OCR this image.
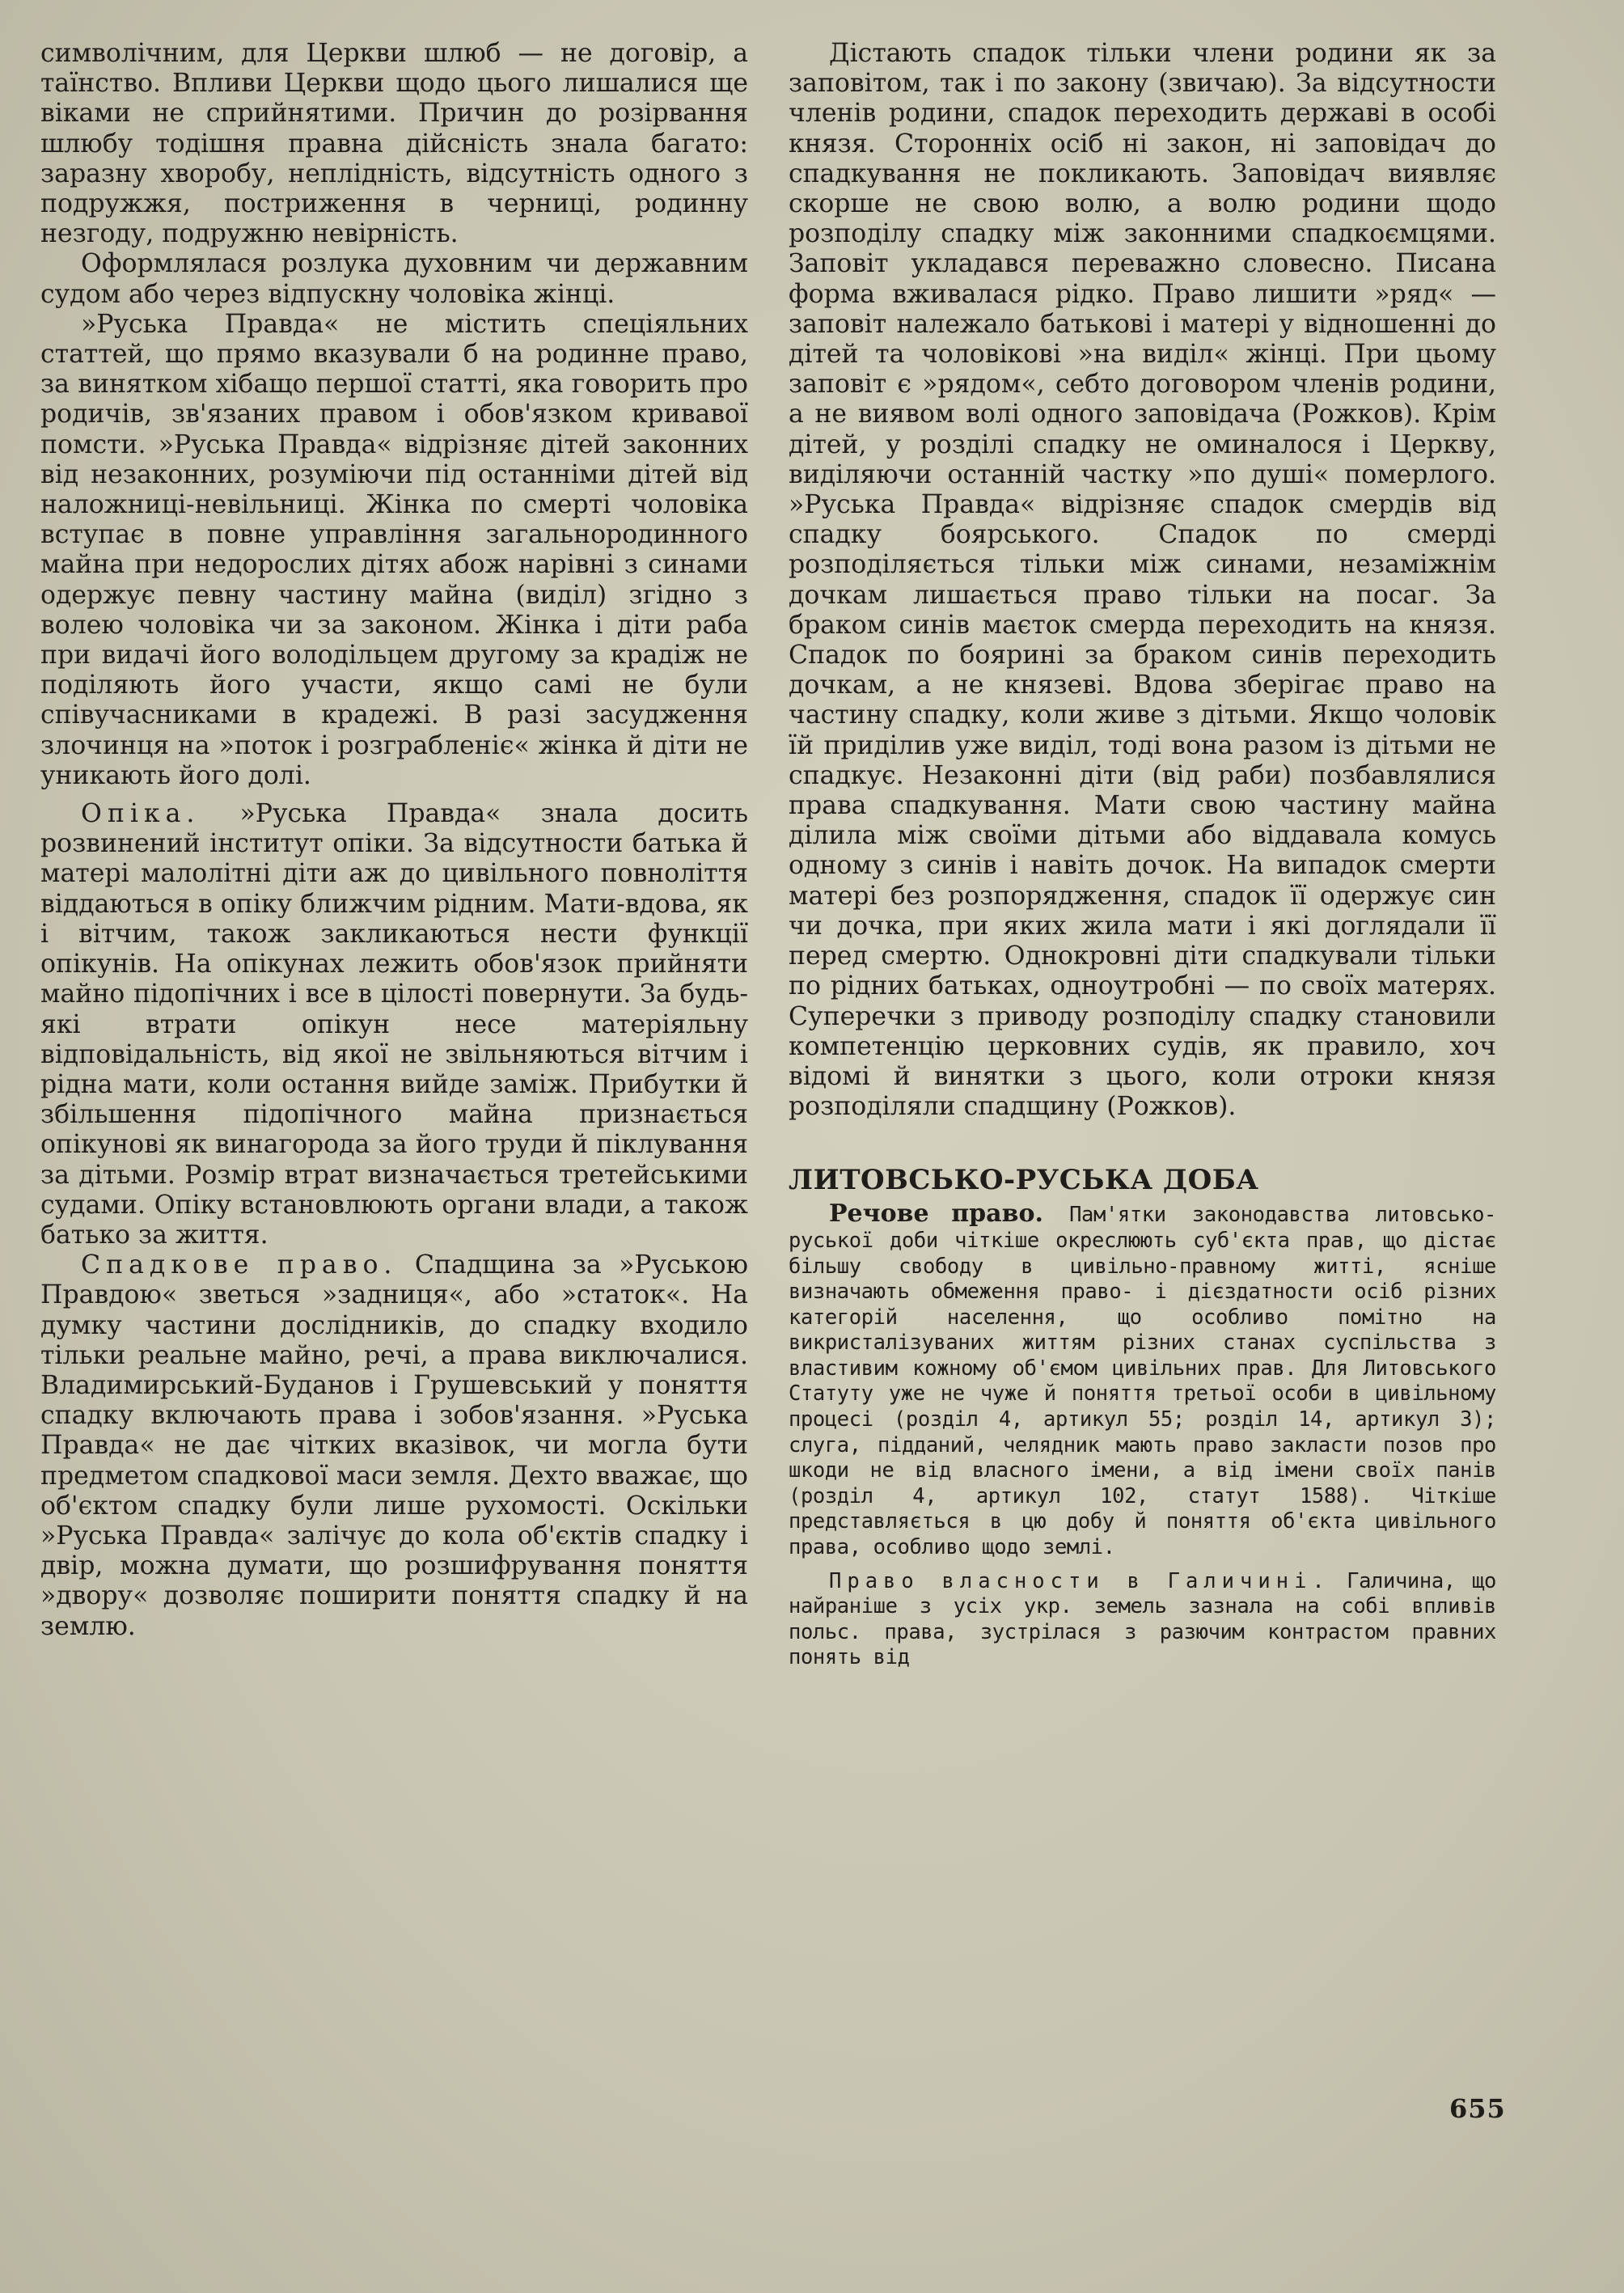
символічним, для Церкви шлюб — не договір, а таїнство. Впливи Церкви щодо цього лишалися ще віками не сприйнятими. Причин до розірвання шлюбу тодішня правна дійсність знала багато: заразну хворобу, неплідність, відсутність одного з подружжя, постриження в черниці, родинну незгоду, подружню невірність.

Оформлялася розлука духовним чи державним судом або через відпускну чоловіка жінці.

»Руська Правда« не містить спеціяльних статтей, що прямо вказували б на родинне право, за винятком хібащо першої статті, яка говорить про родичів, зв'язаних правом і обов'язком кривавої помсти. »Руська Правда« відрізняє дітей законних від незаконних, розуміючи під останніми дітей від наложниці-невільниці. Жінка по смерті чоловіка вступає в повне управління загальнородинного майна при недорослих дітях абож нарівні з синами одержує певну частину майна (виділ) згідно з волею чоловіка чи за законом. Жінка і діти раба при видачі його володільцем другому за крадіж не поділяють його участи, якщо самі не були співучасниками в крадежі. В разі засудження злочинця на »поток і розграбленіє« жінка й діти не уникають його долі.

Опіка. »Руська Правда« знала досить розвинений інститут опіки. За відсутности батька й матері малолітні діти аж до цивільного повноліття віддаються в опіку ближчим рідним. Мати-вдова, як і вітчим, також закликаються нести функції опікунів. На опікунах лежить обов'язок прийняти майно підопічних і все в цілості повернути. За будь-які втрати опікун несе матеріяльну відповідальність, від якої не звільняються вітчим і рідна мати, коли остання вийде заміж. Прибутки й збільшення підопічного майна признається опікунові як винагорода за його труди й піклування за дітьми. Розмір втрат визначається третейськими судами. Опіку встановлюють органи влади, а також батько за життя.

Спадкове право. Спадщина за »Руською Правдою« зветься »задниця«, або »статок«. На думку частини дослідників, до спадку входило тільки реальне майно, речі, а права виключалися. Владимирський-Буданов і Грушевський у поняття спадку включають права і зобов'язання. »Руська Правда« не дає чітких вказівок, чи могла бути предметом спадкової маси земля. Дехто вважає, що об'єктом спадку були лише рухомості. Оскільки »Руська Правда« залічує до кола об'єктів спадку і двір, можна думати, що розшифрування поняття »двору« дозволяє поширити поняття спадку й на землю.

Дістають спадок тільки члени родини як за заповітом, так і по закону (звичаю). За відсутности членів родини, спадок переходить державі в особі князя. Сторонніх осіб ні закон, ні заповідач до спадкування не покликають. Заповідач виявляє скорше не свою волю, а волю родини щодо розподілу спадку між законними спадкоємцями. Заповіт укладався переважно словесно. Писана форма вживалася рідко. Право лишити »ряд« — заповіт належало батькові і матері у відношенні до дітей та чоловікові »на виділ« жінці. При цьому заповіт є »рядом«, себто договором членів родини, а не виявом волі одного заповідача (Рожков). Крім дітей, у розділі спадку не оминалося і Церкву, виділяючи останній частку »по душі« померлого. »Руська Правда« відрізняє спадок смердів від спадку боярського. Спадок по смерді розподіляється тільки між синами, незаміжнім дочкам лишається право тільки на посаг. За браком синів маєток смерда переходить на князя. Спадок по боярині за браком синів переходить дочкам, а не князеві. Вдова зберігає право на частину спадку, коли живе з дітьми. Якщо чоловік їй приділив уже виділ, тоді вона разом із дітьми не спадкує. Незаконні діти (від раби) позбавлялися права спадкування. Мати свою частину майна ділила між своїми дітьми або віддавала комусь одному з синів і навіть дочок. На випадок смерти матері без розпорядження, спадок її одержує син чи дочка, при яких жила мати і які доглядали її перед смертю. Однокровні діти спадкували тільки по рідних батьках, одноутробні — по своїх матерях. Суперечки з приводу розподілу спадку становили компетенцію церковних судів, як правило, хоч відомі й винятки з цього, коли отроки князя розподіляли спадщину (Рожков).

ЛИТОВСЬКО-РУСЬКА ДОБА

Речове право. Пам'ятки законодавства литовсько-руської доби чіткіше окреслюють суб'єкта прав, що дістає більшу свободу в цивільно-правному житті, ясніше визначають обмеження право- і дієздатности осіб різних категорій населення, що особливо помітно на викристалізуваних життям різних станах суспільства з властивим кожному об'ємом цивільних прав. Для Литовського Статуту уже не чуже й поняття третьої особи в цивільному процесі (розділ 4, артикул 55; розділ 14, артикул 3); слуга, підданий, челядник мають право закласти позов про шкоди не від власного імени, а від імени своїх панів (розділ 4, артикул 102, статут 1588). Чіткіше представляється в цю добу й поняття об'єкта цивільного права, особливо щодо землі.

Право власности в Галичині. Галичина, що найраніше з усіх укр. земель зазнала на собі впливів польс. права, зустрілася з разючим контрастом правних понять від

655
